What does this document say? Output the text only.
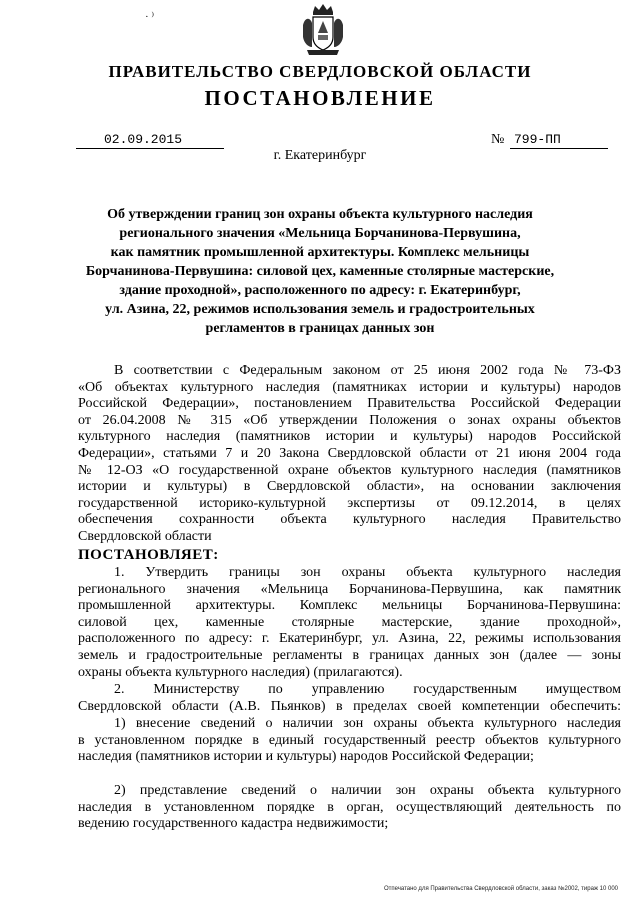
· ⁾
ПРАВИТЕЛЬСТВО СВЕРДЛОВСКОЙ ОБЛАСТИ
ПОСТАНОВЛЕНИЕ
02.09.2015	№ 799-ПП
г. Екатеринбург
Об утверждении границ зон охраны объекта культурного наследия
регионального значения «Мельница Борчанинова-Первушина,
как памятник промышленной архитектуры. Комплекс мельницы
Борчанинова-Первушина: силовой цех, каменные столярные мастерские,
здание проходной», расположенного по адресу: г. Екатеринбург,
ул. Азина, 22, режимов использования земель и градостроительных
регламентов в границах данных зон
В соответствии с Федеральным законом от 25 июня 2002 года № 73-ФЗ
«Об объектах культурного наследия (памятниках истории и культуры) народов
Российской Федерации», постановлением Правительства Российской Федерации
от 26.04.2008 № 315 «Об утверждении Положения о зонах охраны объектов
культурного наследия (памятников истории и культуры) народов Российской
Федерации», статьями 7 и 20 Закона Свердловской области от 21 июня 2004 года
№ 12-ОЗ «О государственной охране объектов культурного наследия (памятников
истории и культуры) в Свердловской области», на основании заключения
государственной историко-культурной экспертизы от 09.12.2014, в целях
обеспечения сохранности объекта культурного наследия Правительство
Свердловской области
ПОСТАНОВЛЯЕТ:
1. Утвердить границы зон охраны объекта культурного наследия
регионального значения «Мельница Борчанинова-Первушина, как памятник
промышленной архитектуры. Комплекс мельницы Борчанинова-Первушина:
силовой цех, каменные столярные мастерские, здание проходной»,
расположенного по адресу: г. Екатеринбург, ул. Азина, 22, режимы использования
земель и градостроительные регламенты в границах данных зон (далее — зоны
охраны объекта культурного наследия) (прилагаются).
2. Министерству по управлению государственным имуществом
Свердловской области (А.В. Пьянков) в пределах своей компетенции обеспечить:
1) внесение сведений о наличии зон охраны объекта культурного наследия
в установленном порядке в единый государственный реестр объектов культурного
наследия (памятников истории и культуры) народов Российской Федерации;
2) представление сведений о наличии зон охраны объекта культурного
наследия в установленном порядке в орган, осуществляющий деятельность по
ведению государственного кадастра недвижимости;
Отпечатано для Правительства Свердловской области, заказ №2002, тираж 10 000
